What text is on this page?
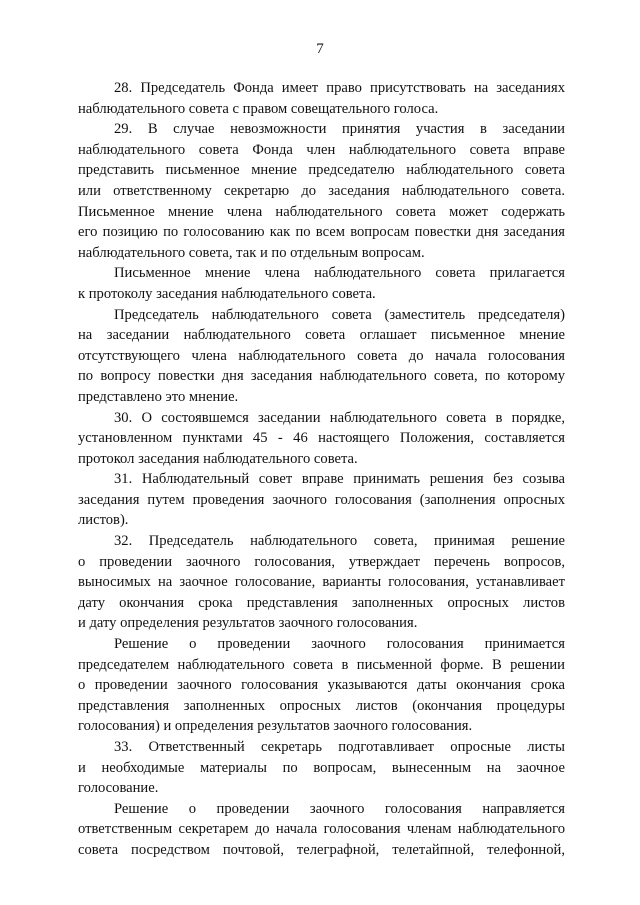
7
28. Председатель Фонда имеет право присутствовать на заседаниях
наблюдательного совета с правом совещательного голоса.
29. В случае невозможности принятия участия в заседании
наблюдательного совета Фонда член наблюдательного совета вправе
представить письменное мнение председателю наблюдательного совета
или ответственному секретарю до заседания наблюдательного совета.
Письменное мнение члена наблюдательного совета может содержать
его позицию по голосованию как по всем вопросам повестки дня заседания
наблюдательного совета, так и по отдельным вопросам.
Письменное мнение члена наблюдательного совета прилагается
к протоколу заседания наблюдательного совета.
Председатель наблюдательного совета (заместитель председателя)
на заседании наблюдательного совета оглашает письменное мнение
отсутствующего члена наблюдательного совета до начала голосования
по вопросу повестки дня заседания наблюдательного совета, по которому
представлено это мнение.
30. О состоявшемся заседании наблюдательного совета в порядке,
установленном пунктами 45 - 46 настоящего Положения, составляется
протокол заседания наблюдательного совета.
31. Наблюдательный совет вправе принимать решения без созыва
заседания путем проведения заочного голосования (заполнения опросных
листов).
32. Председатель наблюдательного совета, принимая решение
о проведении заочного голосования, утверждает перечень вопросов,
выносимых на заочное голосование, варианты голосования, устанавливает
дату окончания срока представления заполненных опросных листов
и дату определения результатов заочного голосования.
Решение о проведении заочного голосования принимается
председателем наблюдательного совета в письменной форме. В решении
о проведении заочного голосования указываются даты окончания срока
представления заполненных опросных листов (окончания процедуры
голосования) и определения результатов заочного голосования.
33. Ответственный секретарь подготавливает опросные листы
и необходимые материалы по вопросам, вынесенным на заочное
голосование.
Решение о проведении заочного голосования направляется
ответственным секретарем до начала голосования членам наблюдательного
совета посредством почтовой, телеграфной, телетайпной, телефонной,
